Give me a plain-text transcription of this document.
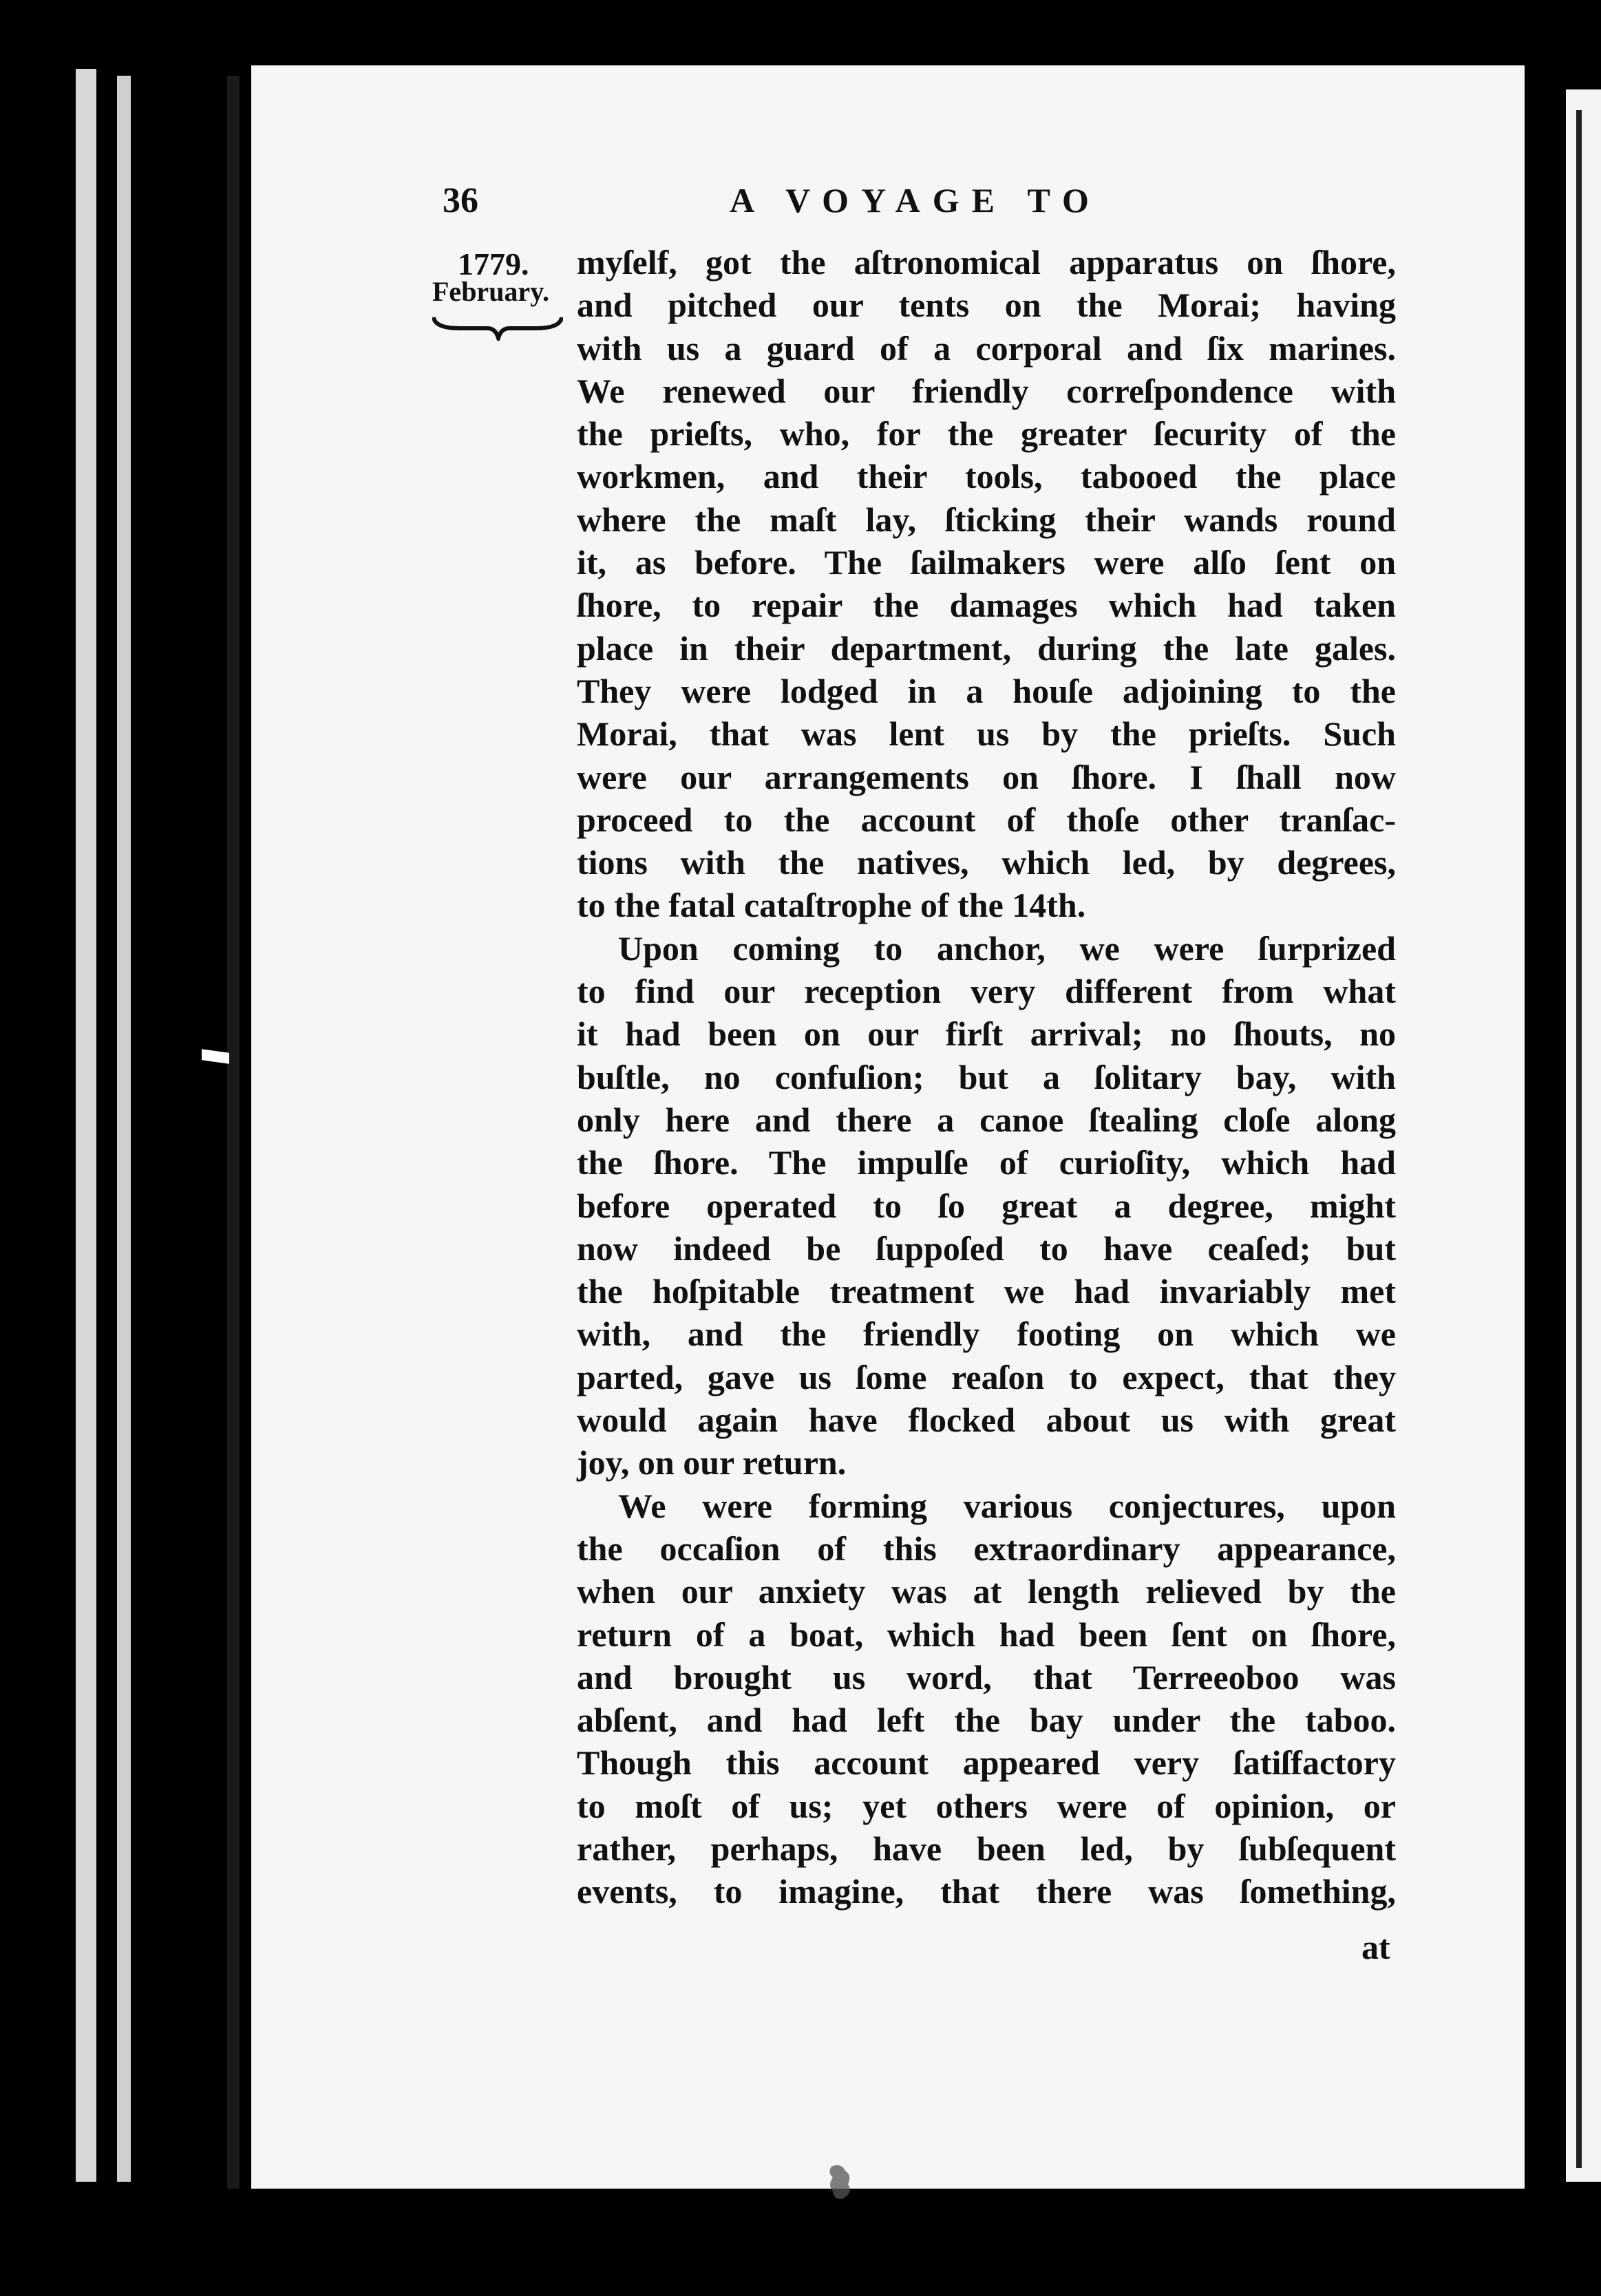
36	A VOYAGE TO
1779.
February.
myſelf, got the aſtronomical apparatus on ſhore,
and pitched our tents on the Morai; having
with us a guard of a corporal and ſix marines.
We renewed our friendly correſpondence with
the prieſts, who, for the greater ſecurity of the
workmen, and their tools, tabooed the place
where the maſt lay, ſticking their wands round
it, as before. The ſailmakers were alſo ſent on
ſhore, to repair the damages which had taken
place in their department, during the late gales.
They were lodged in a houſe adjoining to the
Morai, that was lent us by the prieſts. Such
were our arrangements on ſhore. I ſhall now
proceed to the account of thoſe other tranſac-
tions with the natives, which led, by degrees,
to the fatal cataſtrophe of the 14th.
Upon coming to anchor, we were ſurprized
to find our reception very different from what
it had been on our firſt arrival; no ſhouts, no
buſtle, no confuſion; but a ſolitary bay, with
only here and there a canoe ſtealing cloſe along
the ſhore. The impulſe of curioſity, which had
before operated to ſo great a degree, might
now indeed be ſuppoſed to have ceaſed; but
the hoſpitable treatment we had invariably met
with, and the friendly footing on which we
parted, gave us ſome reaſon to expect, that they
would again have flocked about us with great
joy, on our return.
We were forming various conjectures, upon
the occaſion of this extraordinary appearance,
when our anxiety was at length relieved by the
return of a boat, which had been ſent on ſhore,
and brought us word, that Terreeoboo was
abſent, and had left the bay under the taboo.
Though this account appeared very ſatiſfactory
to moſt of us; yet others were of opinion, or
rather, perhaps, have been led, by ſubſequent
events, to imagine, that there was ſomething,
at
